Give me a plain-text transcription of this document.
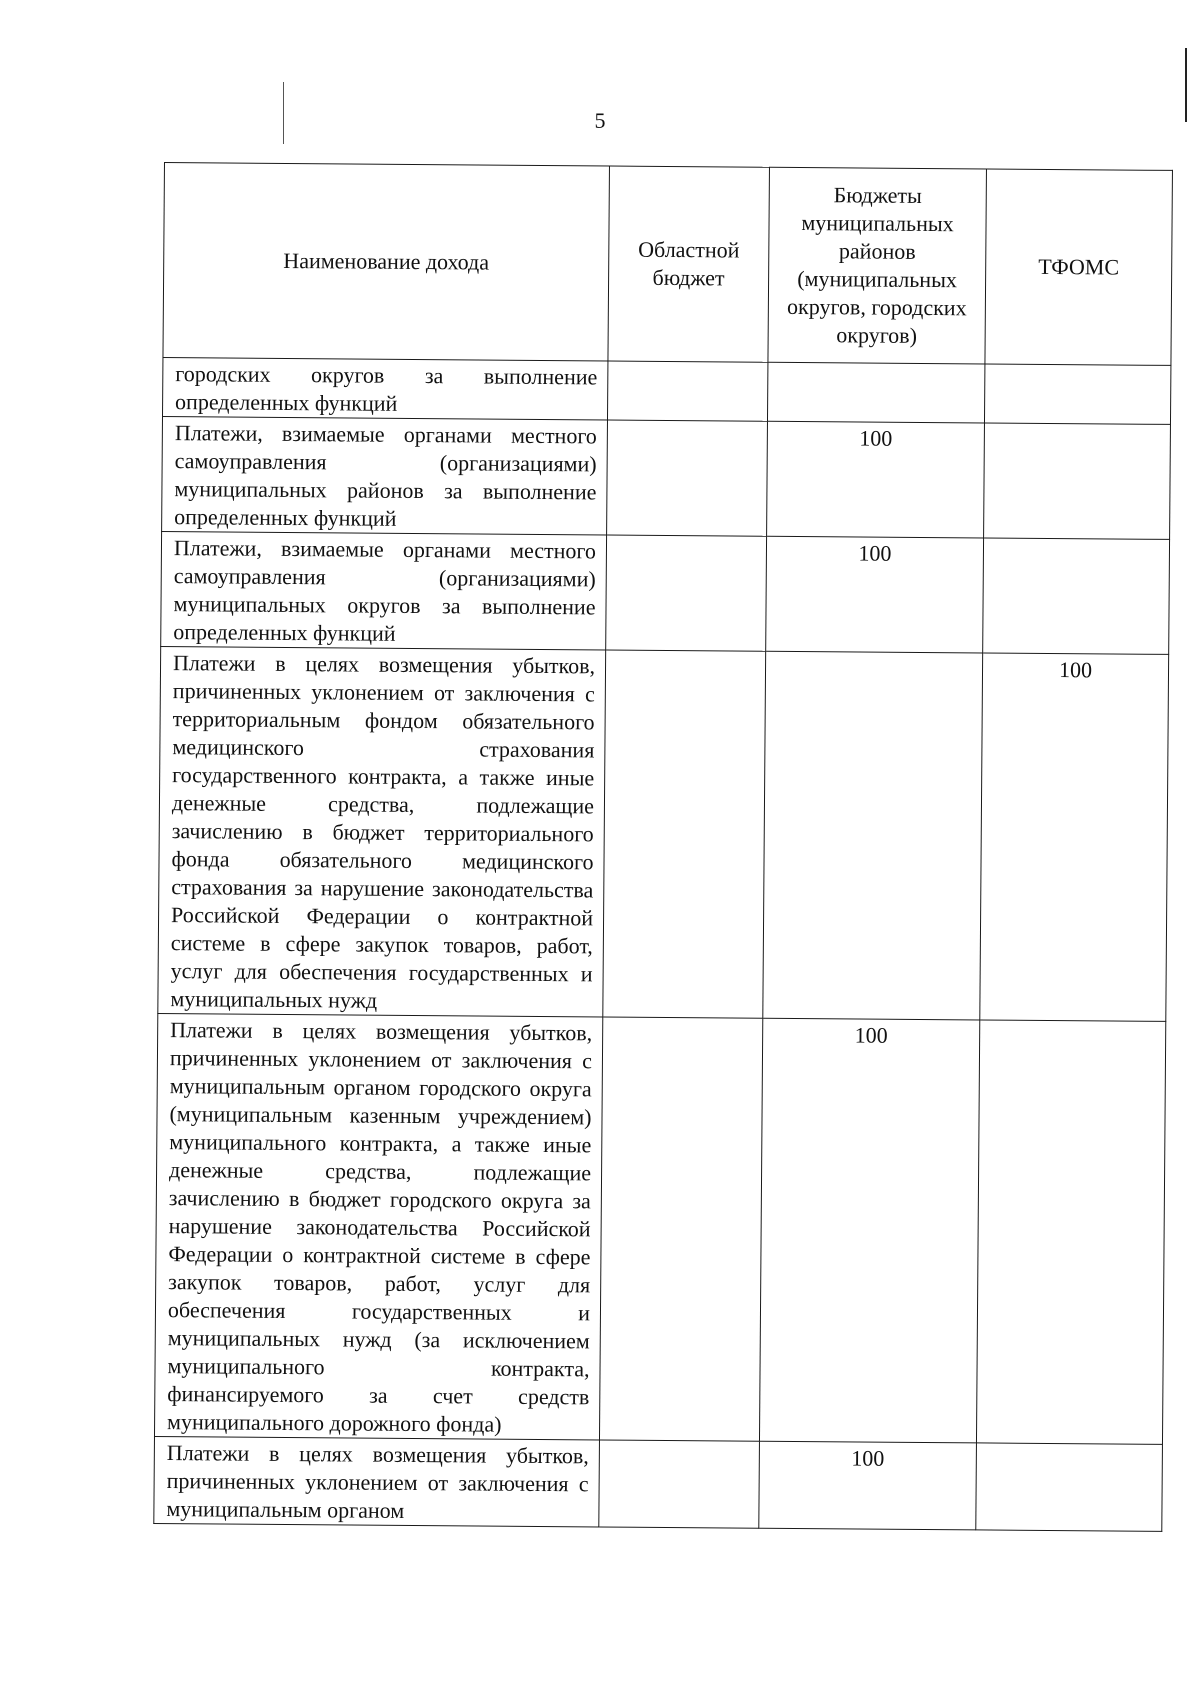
5
Наименование дохода	Областной бюджет	Бюджеты муниципальных районов (муниципальных округов, городских округов)	ТФОМС
городских округов за выполнение определенных функций			
Платежи, взимаемые органами местного самоуправления (организациями) муниципальных районов за выполнение определенных функций		100	
Платежи, взимаемые органами местного самоуправления (организациями) муниципальных округов за выполнение определенных функций		100	
Платежи в целях возмещения убытков, причиненных уклонением от заключения с территориальным фондом обязательного медицинского страхования государственного контракта, а также иные денежные средства, подлежащие зачислению в бюджет территориального фонда обязательного медицинского страхования за нарушение законодательства Российской Федерации о контрактной системе в сфере закупок товаров, работ, услуг для обеспечения государственных и муниципальных нужд			100
Платежи в целях возмещения убытков, причиненных уклонением от заключения с муниципальным органом городского округа (муниципальным казенным учреждением) муниципального контракта, а также иные денежные средства, подлежащие зачислению в бюджет городского округа за нарушение законодательства Российской Федерации о контрактной системе в сфере закупок товаров, работ, услуг для обеспечения государственных и муниципальных нужд (за исключением муниципального контракта, финансируемого за счет средств муниципального дорожного фонда)		100	
Платежи в целях возмещения убытков, причиненных уклонением от заключения с муниципальным органом		100	
